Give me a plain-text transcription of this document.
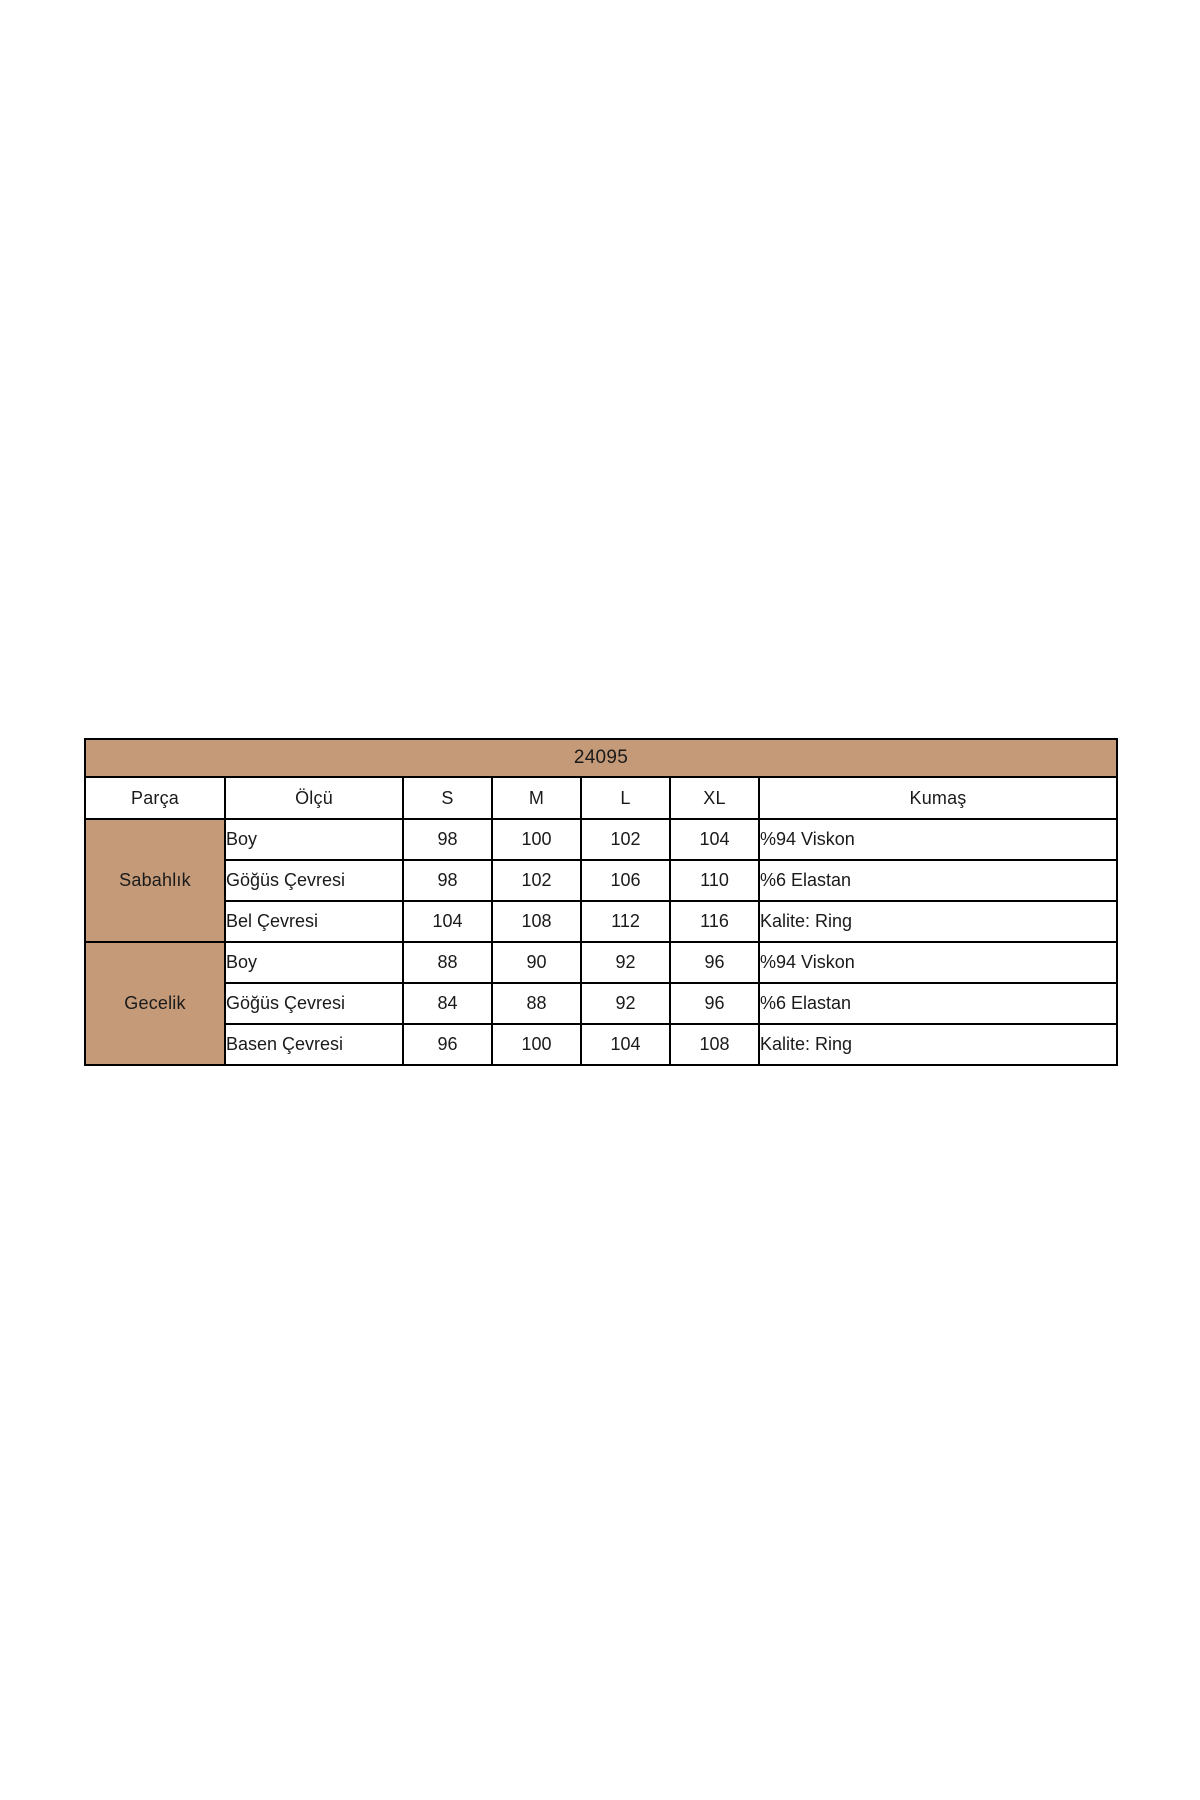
24095						
Parça	Ölçü	S	M	L	XL	Kumaş
Sabahlık	Boy	98	100	102	104	%94 Viskon
	Göğüs Çevresi	98	102	106	110	%6 Elastan
	Bel Çevresi	104	108	112	116	Kalite: Ring
Gecelik	Boy	88	90	92	96	%94 Viskon
	Göğüs Çevresi	84	88	92	96	%6 Elastan
	Basen Çevresi	96	100	104	108	Kalite: Ring
